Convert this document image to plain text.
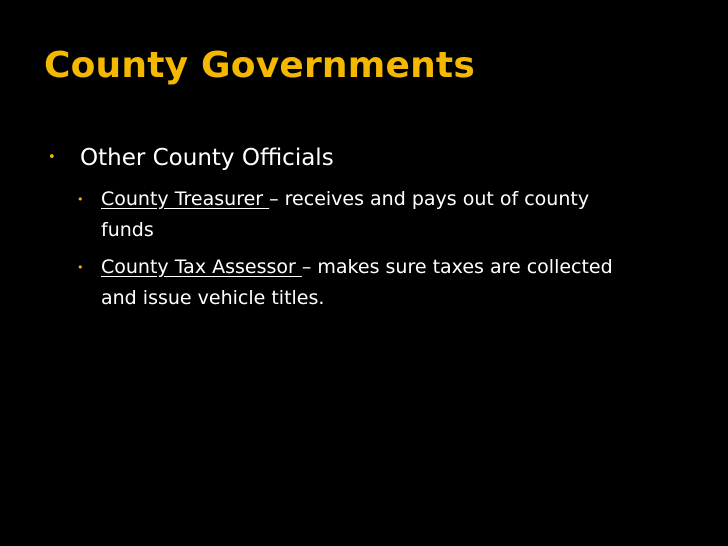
County Governments
• Other County Officials
• County Treasurer – receives and pays out of county funds
• County Tax Assessor – makes sure taxes are collected and issue vehicle titles.
